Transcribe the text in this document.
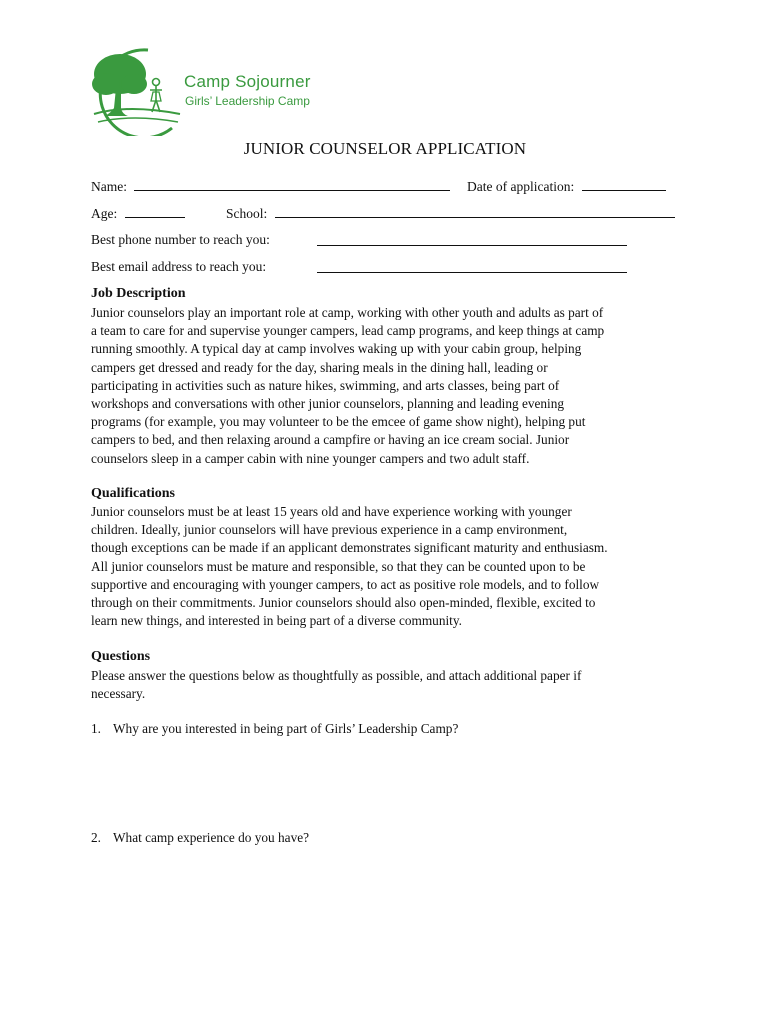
Camp Sojourner
Girls’ Leadership Camp
JUNIOR COUNSELOR APPLICATION
Name:	Date of application:
Age:	School:
Best phone number to reach you:
Best email address to reach you:
Job Description
Junior counselors play an important role at camp, working with other youth and adults as part of
a team to care for and supervise younger campers, lead camp programs, and keep things at camp
running smoothly. A typical day at camp involves waking up with your cabin group, helping
campers get dressed and ready for the day, sharing meals in the dining hall, leading or
participating in activities such as nature hikes, swimming, and arts classes, being part of
workshops and conversations with other junior counselors, planning and leading evening
programs (for example, you may volunteer to be the emcee of game show night), helping put
campers to bed, and then relaxing around a campfire or having an ice cream social. Junior
counselors sleep in a camper cabin with nine younger campers and two adult staff.
Qualifications
Junior counselors must be at least 15 years old and have experience working with younger
children. Ideally, junior counselors will have previous experience in a camp environment,
though exceptions can be made if an applicant demonstrates significant maturity and enthusiasm.
All junior counselors must be mature and responsible, so that they can be counted upon to be
supportive and encouraging with younger campers, to act as positive role models, and to follow
through on their commitments. Junior counselors should also open-minded, flexible, excited to
learn new things, and interested in being part of a diverse community.
Questions
Please answer the questions below as thoughtfully as possible, and attach additional paper if
necessary.
1. Why are you interested in being part of Girls’ Leadership Camp?
2. What camp experience do you have?
